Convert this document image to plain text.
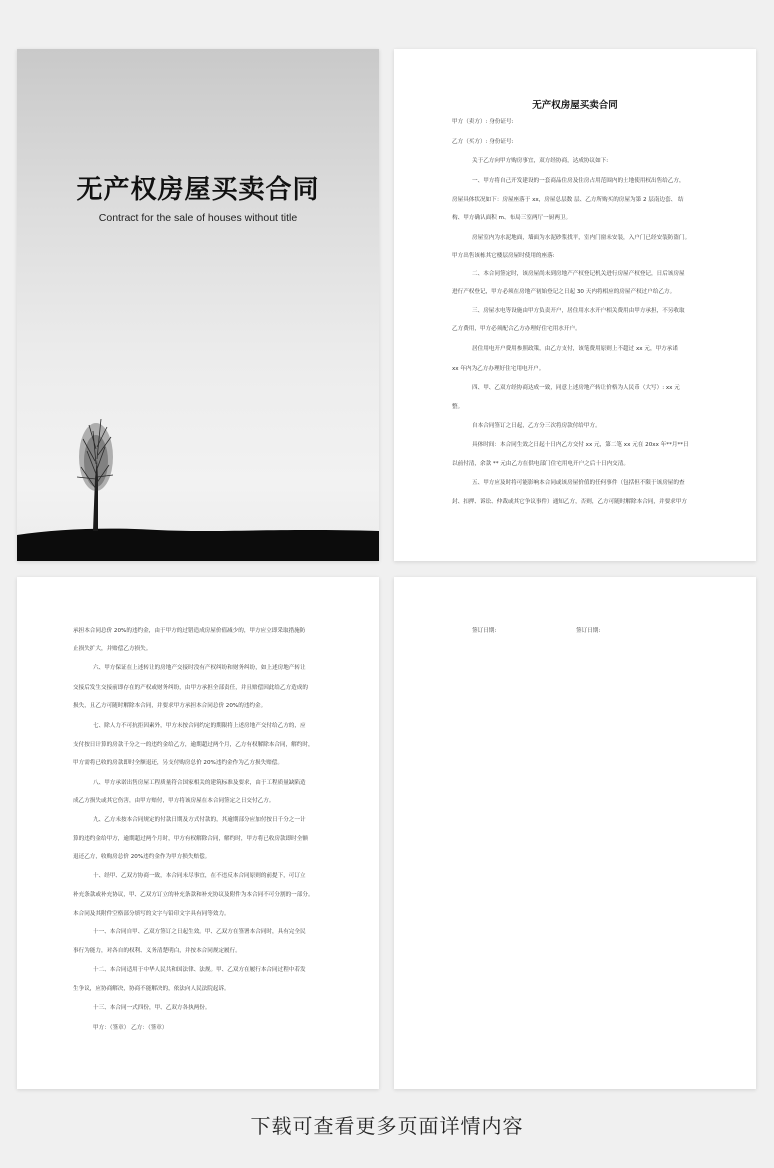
无产权房屋买卖合同
Contract for the sale of houses without title
无产权房屋买卖合同
甲方（卖方）: 身份证号:
乙方（买方）: 身份证号:
关于乙方向甲方购房事宜，双方经协商，达成协议如下:
一、甲方将自己开发建设的一套商品住房及住房占用范围内的土地使用权出售给乙方，
房屋具体状况如下：房屋座落于 xx，房屋总层数 层、乙方所购买的房屋为第 2 层南边套、 结
构、甲方确认面积 m、布局三室两厅一厨两卫。
房屋室内为水泥地面，墙面为水泥砂浆找平，室内门窗未安装，入户门已经安装防盗门。
甲方出售该栋其它楼层房屋时使用的座落:
二、本合同签定时，该房屋尚未到房地产产权登记机关进行房屋产权登记，日后该房屋
进行产权登记，甲方必须在房地产初始登记之日起 30 天内将相应的房屋产权过户给乙方。
三、房屋水电等设施由甲方负责开户，居住用水水开户相关费用由甲方承担，不另收取
乙方费用，甲方必须配合乙方办理好住宅用水开户。
居住用电开户费用参照政策，由乙方支付，该笔费用原则上不超过 xx 元，甲方承诺
xx 年内为乙方办理好住宅用电开户。
四、甲、乙双方经协商达成一致，同意上述房地产转让价格为人民币（大写）: xx 元
整。
自本合同签订之日起，乙方分三次将房款付给甲方。
具体时间：本合同生效之日起十日内乙方交付 xx 元，第二笔 xx 元在 20xx 年**月**日
以前付清，余款 ** 元由乙方在供电部门住宅用电开户之后十日内交清。
五、甲方应及时将可能影响本合同或该房屋价值的任何事件（包括但不限于该房屋的查
封、扣押、诉讼、仲裁或其它争议事件）通知乙方，否则，乙方可随时解除本合同，并要求甲方
承担本合同总价 20%的违约金，由于甲方的过错造成房屋价值减少的，甲方应立即采取措施防
止损失扩大，并赔偿乙方损失。
六、甲方保证在上述转让的房地产交接时没有产权纠纷和财务纠纷，如上述房地产转让
交接后发生交接前即存在的产权或财务纠纷，由甲方承担全部责任，并且赔偿因此给乙方造成的
损失，且乙方可随时解除本合同，并要求甲方承担本合同总价 20%的违约金。
七、除人力不可抗拒因素外，甲方未按合同约定的期限将上述房地产交付给乙方的，应
支付按日计算的房款千分之一的违约金给乙方，逾期超过两个月，乙方有权解除本合同，解约时，
甲方需将已收的房款即时全额退还，另支付购房总价 20%违约金作为乙方损失赔偿。
八、甲方承诺出售房屋工程质量符合国家相关的建筑标准及要求，由于工程质量缺陷造
成乙方损失或其它伤害，由甲方赔付，甲方将该房屋在本合同签定之日交付乙方。
九、乙方未按本合同规定的付款日期及方式付款的，其逾期部分应加付按日千分之一计
算的违约金给甲方，逾期超过两个月时，甲方有权解除合同，解约时，甲方将已收房款即时全额
退还乙方，收购房总价 20%违约金作为甲方损失赔偿。
十、经甲、乙双方协商一致，本合同未尽事宜，在不违反本合同原则的前提下，可订立
补充条款或补充协议，甲、乙双方订立的补充条款和补充协议及附件为本合同不可分割的一部分。
本合同及其附件空格部分填写的文字与铅印文字具有同等效力。
十一、本合同自甲、乙双方签订之日起生效。甲、乙双方在签署本合同时，具有完全民
事行为能力，对各自的权利、义务清楚明白，并按本合同规定履行。
十二、本合同适用于中华人民共和国法律、法规。甲、乙双方在履行本合同过程中若发
生争议，应协商解决，协商不能解决的，依法向人民法院起诉。
十三、本合同一式四份，甲、乙双方各执两份。
甲方：（签章） 乙方：（签章）
签订日期:	签订日期:
下载可查看更多页面详情内容
